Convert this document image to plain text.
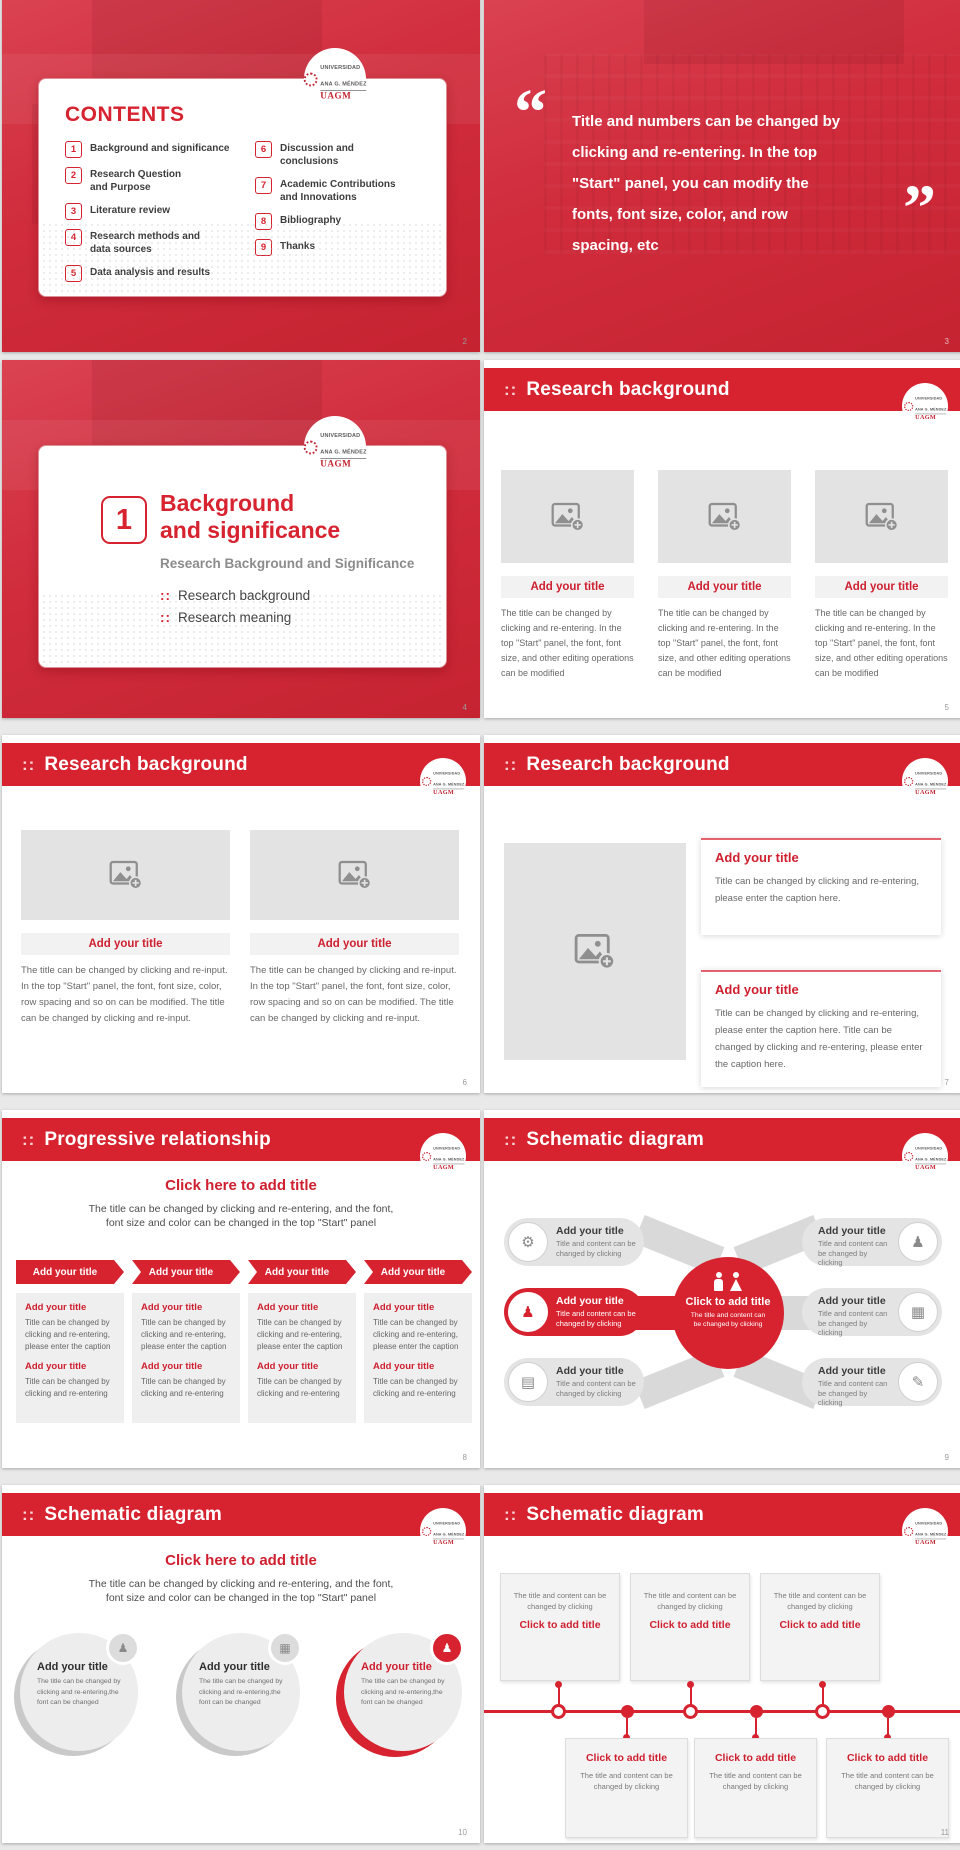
UNIVERSIDAD
ANA G. MÉNDEZ
UAGM
CONTENTS
1	Background and significance
2	Research Question and Purpose
3	Literature review
4	Research methods and data sources
5	Data analysis and results
6	Discussion and conclusions
7	Academic Contributions and Innovations
8	Bibliography
9	Thanks
2
“
”
Title and numbers can be changed by
clicking and re-entering. In the top
"Start" panel, you can modify the
fonts, font size, color, and row
spacing, etc
3
UNIVERSIDAD
ANA G. MÉNDEZ
UAGM
1
Background
and significance
Research Background and Significance
:: Research background
:: Research meaning
4
:: Research background	UNIVERSIDAD
ANA G. MÉNDEZ
UAGM
Add your title
The title can be changed by clicking and re-entering. In the top "Start" panel, the font, font size, and other editing operations can be modified
Add your title
The title can be changed by clicking and re-entering. In the top "Start" panel, the font, font size, and other editing operations can be modified
Add your title
The title can be changed by clicking and re-entering. In the top "Start" panel, the font, font size, and other editing operations can be modified
5
:: Research background	UNIVERSIDAD
ANA G. MÉNDEZ
UAGM
Add your title
The title can be changed by clicking and re-input. In the top "Start" panel, the font, font size, color, row spacing and so on can be modified. The title can be changed by clicking and re-input.
Add your title
The title can be changed by clicking and re-input. In the top "Start" panel, the font, font size, color, row spacing and so on can be modified. The title can be changed by clicking and re-input.
6
:: Research background	UNIVERSIDAD
ANA G. MÉNDEZ
UAGM
Add your title
Title can be changed by clicking and re-entering, please enter the caption here.
Add your title
Title can be changed by clicking and re-entering, please enter the caption here. Title can be changed by clicking and re-entering, please enter the caption here.
7
:: Progressive relationship	UNIVERSIDAD
ANA G. MÉNDEZ
UAGM
Click here to add title
The title can be changed by clicking and re-entering, and the font,
font size and color can be changed in the top "Start" panel
Add your title
Add your title
Title can be changed by clicking and re-entering, please enter the caption
Add your title
Title can be changed by clicking and re-entering
Add your title
Add your title
Title can be changed by clicking and re-entering, please enter the caption
Add your title
Title can be changed by clicking and re-entering
Add your title
Add your title
Title can be changed by clicking and re-entering, please enter the caption
Add your title
Title can be changed by clicking and re-entering
Add your title
Add your title
Title can be changed by clicking and re-entering, please enter the caption
Add your title
Title can be changed by clicking and re-entering
8
:: Schematic diagram	UNIVERSIDAD
ANA G. MÉNDEZ
UAGM
⚙
Add your title
Title and content can be changed by clicking
♟
Add your title
Title and content can be changed by clicking
▤
Add your title
Title and content can be changed by clicking
♟
Add your title
Title and content can be changed by clicking
▦
Add your title
Title and content can be changed by clicking
✎
Add your title
Title and content can be changed by clicking
Click to add title
The title and content can be changed by clicking
9
:: Schematic diagram	UNIVERSIDAD
ANA G. MÉNDEZ
UAGM
Click here to add title
The title can be changed by clicking and re-entering, and the font,
font size and color can be changed in the top "Start" panel
♟
Add your title
The title can be changed by clicking and re-entering,the font can be changed
▦
Add your title
The title can be changed by clicking and re-entering,the font can be changed
♟
Add your title
The title can be changed by clicking and re-entering,the font can be changed
10
:: Schematic diagram	UNIVERSIDAD
ANA G. MÉNDEZ
UAGM
The title and content can be changed by clicking
Click to add title
The title and content can be changed by clicking
Click to add title
The title and content can be changed by clicking
Click to add title
Click to add title
The title and content can be changed by clicking
Click to add title
The title and content can be changed by clicking
Click to add title
The title and content can be changed by clicking
11
